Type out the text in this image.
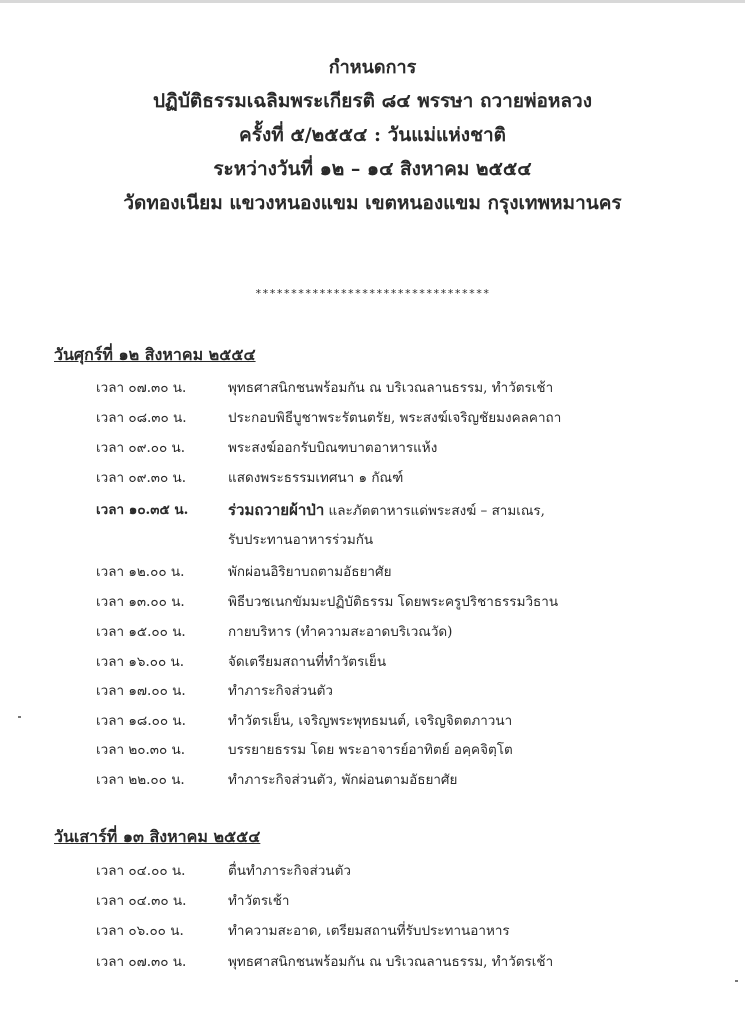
กำหนดการ
ปฏิบัติธรรมเฉลิมพระเกียรติ ๘๔ พรรษา ถวายพ่อหลวง
ครั้งที่ ๕/๒๕๕๔ : วันแม่แห่งชาติ
ระหว่างวันที่ ๑๒ – ๑๔ สิงหาคม ๒๕๕๔
วัดทองเนียม แขวงหนองแขม เขตหนองแขม กรุงเทพหมานคร
*********************************
วันศุกร์ที่ ๑๒ สิงหาคม ๒๕๕๔
เวลา ๐๗.๓๐ น.	พุทธศาสนิกชนพร้อมกัน ณ บริเวณลานธรรม, ทำวัตรเช้า
เวลา ๐๘.๓๐ น.	ประกอบพิธีบูชาพระรัตนตรัย, พระสงฆ์เจริญชัยมงคลคาถา
เวลา ๐๙.๐๐ น.	พระสงฆ์ออกรับบิณฑบาตอาหารแห้ง
เวลา ๐๙.๓๐ น.	แสดงพระธรรมเทศนา ๑ กัณฑ์
เวลา ๑๐.๓๕ น.	ร่วมถวายผ้าป่า และภัตตาหารแด่พระสงฆ์ – สามเณร,
รับประทานอาหารร่วมกัน
เวลา ๑๒.๐๐ น.	พักผ่อนอิริยาบถตามอัธยาศัย
เวลา ๑๓.๐๐ น.	พิธีบวชเนกขัมมะปฏิบัติธรรม โดยพระครูปริชาธรรมวิธาน
เวลา ๑๕.๐๐ น.	กายบริหาร (ทำความสะอาดบริเวณวัด)
เวลา ๑๖.๐๐ น.	จัดเตรียมสถานที่ทำวัตรเย็น
เวลา ๑๗.๐๐ น.	ทำภาระกิจส่วนตัว
เวลา ๑๘.๐๐ น.	ทำวัตรเย็น, เจริญพระพุทธมนต์, เจริญจิตตภาวนา
เวลา ๒๐.๓๐ น.	บรรยายธรรม โดย พระอาจารย์อาทิตย์ อคฺคจิตฺโต
เวลา ๒๒.๐๐ น.	ทำภาระกิจส่วนตัว, พักผ่อนตามอัธยาศัย
วันเสาร์ที่ ๑๓ สิงหาคม ๒๕๕๔
เวลา ๐๔.๐๐ น.	ตื่นทำภาระกิจส่วนตัว
เวลา ๐๔.๓๐ น.	ทำวัตรเช้า
เวลา ๐๖.๐๐ น.	ทำความสะอาด, เตรียมสถานที่รับประทานอาหาร
เวลา ๐๗.๓๐ น.	พุทธศาสนิกชนพร้อมกัน ณ บริเวณลานธรรม, ทำวัตรเช้า
